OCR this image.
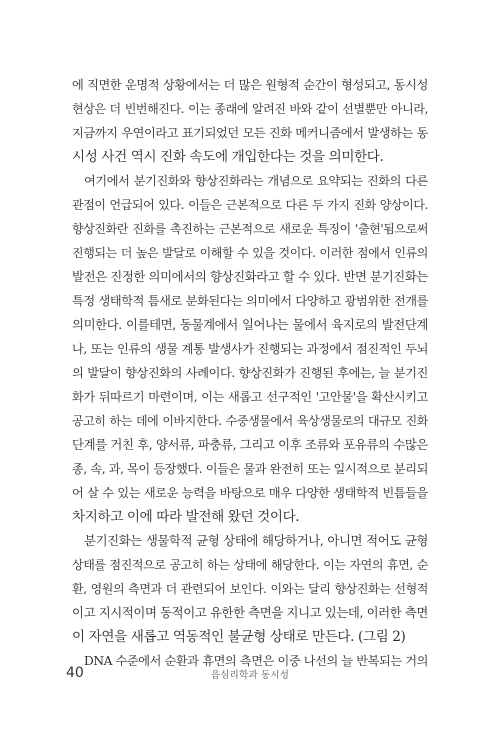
에 직면한 운명적 상황에서는 더 많은 원형적 순간이 형성되고, 동시성
현상은 더 빈번해진다. 이는 종래에 알려진 바와 같이 선별뿐만 아니라,
지금까지 우연이라고 표기되었던 모든 진화 메커니즘에서 발생하는 동
시성 사건 역시 진화 속도에 개입한다는 것을 의미한다.
여기에서 분기진화와 향상진화라는 개념으로 요약되는 진화의 다른
관점이 언급되어 있다. 이들은 근본적으로 다른 두 가지 진화 양상이다.
향상진화란 진화를 촉진하는 근본적으로 새로운 특징이 '출현'됨으로써
진행되는 더 높은 발달로 이해할 수 있을 것이다. 이러한 점에서 인류의
발전은 진정한 의미에서의 향상진화라고 할 수 있다. 반면 분기진화는
특정 생태학적 틈새로 분화된다는 의미에서 다양하고 광범위한 전개를
의미한다. 이를테면, 동물계에서 일어나는 물에서 육지로의 발전단계
나, 또는 인류의 생물 계통 발생사가 진행되는 과정에서 점진적인 두뇌
의 발달이 향상진화의 사례이다. 향상진화가 진행된 후에는, 늘 분기진
화가 뒤따르기 마련이며, 이는 새롭고 선구적인 '고안물'을 확산시키고
공고히 하는 데에 이바지한다. 수중생물에서 육상생물로의 대규모 진화
단계를 거친 후, 양서류, 파충류, 그리고 이후 조류와 포유류의 수많은
종, 속, 과, 목이 등장했다. 이들은 물과 완전히 또는 일시적으로 분리되
어 살 수 있는 새로운 능력을 바탕으로 매우 다양한 생태학적 빈틈들을
차지하고 이에 따라 발전해 왔던 것이다.
분기진화는 생물학적 균형 상태에 해당하거나, 아니면 적어도 균형
상태를 점진적으로 공고히 하는 상태에 해당한다. 이는 자연의 휴면, 순
환, 영원의 측면과 더 관련되어 보인다. 이와는 달리 향상진화는 선형적
이고 지시적이며 동적이고 유한한 측면을 지니고 있는데, 이러한 측면
이 자연을 새롭고 역동적인 불균형 상태로 만든다. (그림 2)
DNA 수준에서 순환과 휴면의 측면은 이중 나선의 늘 반복되는 거의
40	음심리학과 동시성
